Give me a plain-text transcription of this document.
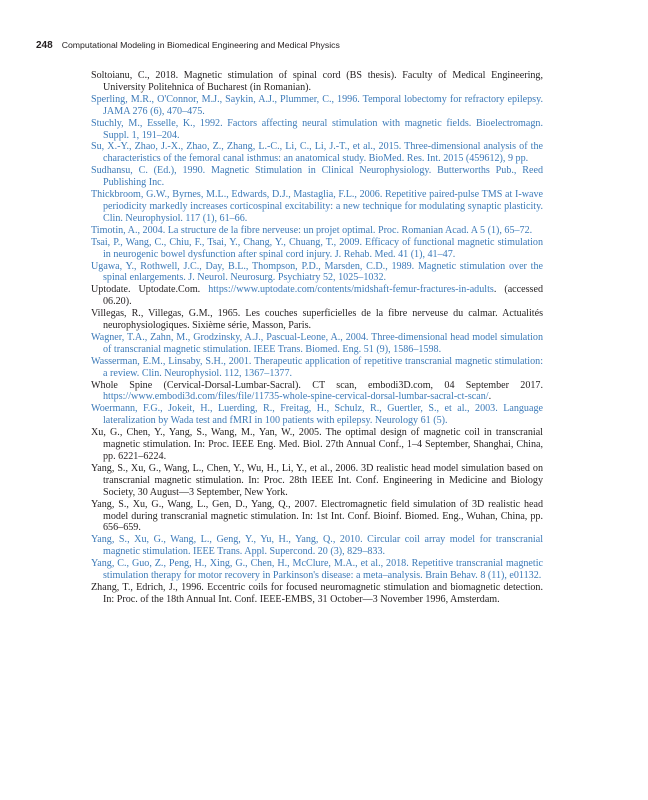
248 Computational Modeling in Biomedical Engineering and Medical Physics
Soltoianu, C., 2018. Magnetic stimulation of spinal cord (BS thesis). Faculty of Medical Engineering, University Politehnica of Bucharest (in Romanian).
Sperling, M.R., O'Connor, M.J., Saykin, A.J., Plummer, C., 1996. Temporal lobectomy for refractory epilepsy. JAMA 276 (6), 470–475.
Stuchly, M., Esselle, K., 1992. Factors affecting neural stimulation with magnetic fields. Bioelectromagn. Suppl. 1, 191–204.
Su, X.-Y., Zhao, J.-X., Zhao, Z., Zhang, L.-C., Li, C., Li, J.-T., et al., 2015. Three-dimensional analysis of the characteristics of the femoral canal isthmus: an anatomical study. BioMed. Res. Int. 2015 (459612), 9 pp.
Sudhansu, C. (Ed.), 1990. Magnetic Stimulation in Clinical Neurophysiology. Butterworths Pub., Reed Publishing Inc.
Thickbroom, G.W., Byrnes, M.L., Edwards, D.J., Mastaglia, F.L., 2006. Repetitive paired-pulse TMS at I-wave periodicity markedly increases corticospinal excitability: a new technique for modulating synaptic plasticity. Clin. Neurophysiol. 117 (1), 61–66.
Timotin, A., 2004. La structure de la fibre nerveuse: un projet optimal. Proc. Romanian Acad. A 5 (1), 65–72.
Tsai, P., Wang, C., Chiu, F., Tsai, Y., Chang, Y., Chuang, T., 2009. Efficacy of functional magnetic stimulation in neurogenic bowel dysfunction after spinal cord injury. J. Rehab. Med. 41 (1), 41–47.
Ugawa, Y., Rothwell, J.C., Day, B.L., Thompson, P.D., Marsden, C.D., 1989. Magnetic stimulation over the spinal enlargements. J. Neurol. Neurosurg. Psychiatry 52, 1025–1032.
Uptodate. Uptodate.Com. https://www.uptodate.com/contents/midshaft-femur-fractures-in-adults. (accessed 06.20).
Villegas, R., Villegas, G.M., 1965. Les couches superficielles de la fibre nerveuse du calmar. Actualités neurophysiologiques. Sixième série, Masson, Paris.
Wagner, T.A., Zahn, M., Grodzinsky, A.J., Pascual-Leone, A., 2004. Three-dimensional head model simulation of transcranial magnetic stimulation. IEEE Trans. Biomed. Eng. 51 (9), 1586–1598.
Wasserman, E.M., Linsaby, S.H., 2001. Therapeutic application of repetitive transcranial magnetic stimulation: a review. Clin. Neurophysiol. 112, 1367–1377.
Whole Spine (Cervical-Dorsal-Lumbar-Sacral). CT scan, embodi3D.com, 04 September 2017. https://www.embodi3d.com/files/file/11735-whole-spine-cervical-dorsal-lumbar-sacral-ct-scan/.
Woermann, F.G., Jokeit, H., Luerding, R., Freitag, H., Schulz, R., Guertler, S., et al., 2003. Language lateralization by Wada test and fMRI in 100 patients with epilepsy. Neurology 61 (5).
Xu, G., Chen, Y., Yang, S., Wang, M., Yan, W., 2005. The optimal design of magnetic coil in transcranial magnetic stimulation. In: Proc. IEEE Eng. Med. Biol. 27th Annual Conf., 1–4 September, Shanghai, China, pp. 6221–6224.
Yang, S., Xu, G., Wang, L., Chen, Y., Wu, H., Li, Y., et al., 2006. 3D realistic head model simulation based on transcranial magnetic stimulation. In: Proc. 28th IEEE Int. Conf. Engineering in Medicine and Biology Society, 30 August—3 September, New York.
Yang, S., Xu, G., Wang, L., Gen, D., Yang, Q., 2007. Electromagnetic field simulation of 3D realistic head model during transcranial magnetic stimulation. In: 1st Int. Conf. Bioinf. Biomed. Eng., Wuhan, China, pp. 656–659.
Yang, S., Xu, G., Wang, L., Geng, Y., Yu, H., Yang, Q., 2010. Circular coil array model for transcranial magnetic stimulation. IEEE Trans. Appl. Supercond. 20 (3), 829–833.
Yang, C., Guo, Z., Peng, H., Xing, G., Chen, H., McClure, M.A., et al., 2018. Repetitive transcranial magnetic stimulation therapy for motor recovery in Parkinson's disease: a meta–analysis. Brain Behav. 8 (11), e01132.
Zhang, T., Edrich, J., 1996. Eccentric coils for focused neuromagnetic stimulation and biomagnetic detection. In: Proc. of the 18th Annual Int. Conf. IEEE-EMBS, 31 October—3 November 1996, Amsterdam.
